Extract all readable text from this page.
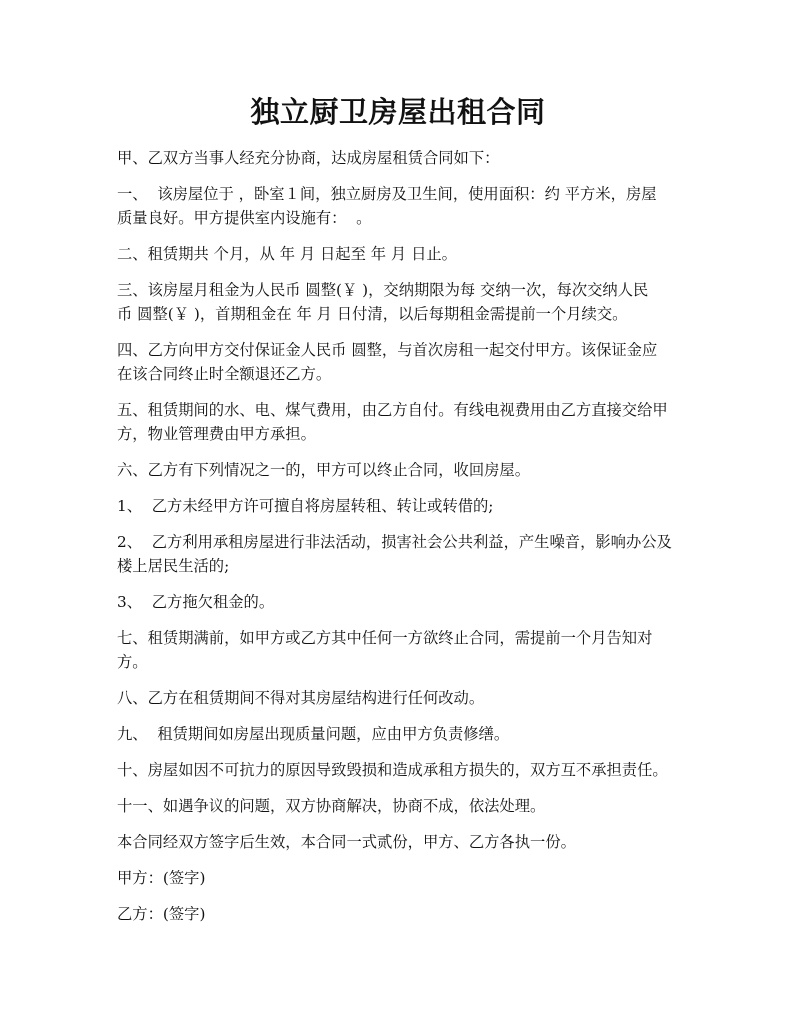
独立厨卫房屋出租合同
甲、乙双方当事人经充分协商，达成房屋租赁合同如下：
一、  该房屋位于 ，卧室１间，独立厨房及卫生间，使用面积：约 平方米，房屋
质量良好。甲方提供室内设施有：  。
二、租赁期共 个月，从 年 月 日起至 年 月 日止。
三、该房屋月租金为人民币 圆整(￥ )，交纳期限为每 交纳一次，每次交纳人民
币 圆整(￥ )，首期租金在 年 月 日付清，以后每期租金需提前一个月续交。
四、乙方向甲方交付保证金人民币 圆整，与首次房租一起交付甲方。该保证金应
在该合同终止时全额退还乙方。
五、租赁期间的水、电、煤气费用，由乙方自付。有线电视费用由乙方直接交给甲
方，物业管理费由甲方承担。
六、乙方有下列情况之一的，甲方可以终止合同，收回房屋。
1、  乙方未经甲方许可擅自将房屋转租、转让或转借的;
2、  乙方利用承租房屋进行非法活动，损害社会公共利益，产生噪音，影响办公及
楼上居民生活的;
3、  乙方拖欠租金的。
七、租赁期满前，如甲方或乙方其中任何一方欲终止合同，需提前一个月告知对
方。
八、乙方在租赁期间不得对其房屋结构进行任何改动。
九、  租赁期间如房屋出现质量问题，应由甲方负责修缮。
十、房屋如因不可抗力的原因导致毁损和造成承租方损失的，双方互不承担责任。
十一、如遇争议的问题，双方协商解决，协商不成，依法处理。
本合同经双方签字后生效，本合同一式贰份，甲方、乙方各执一份。
甲方：(签字)
乙方：(签字)
